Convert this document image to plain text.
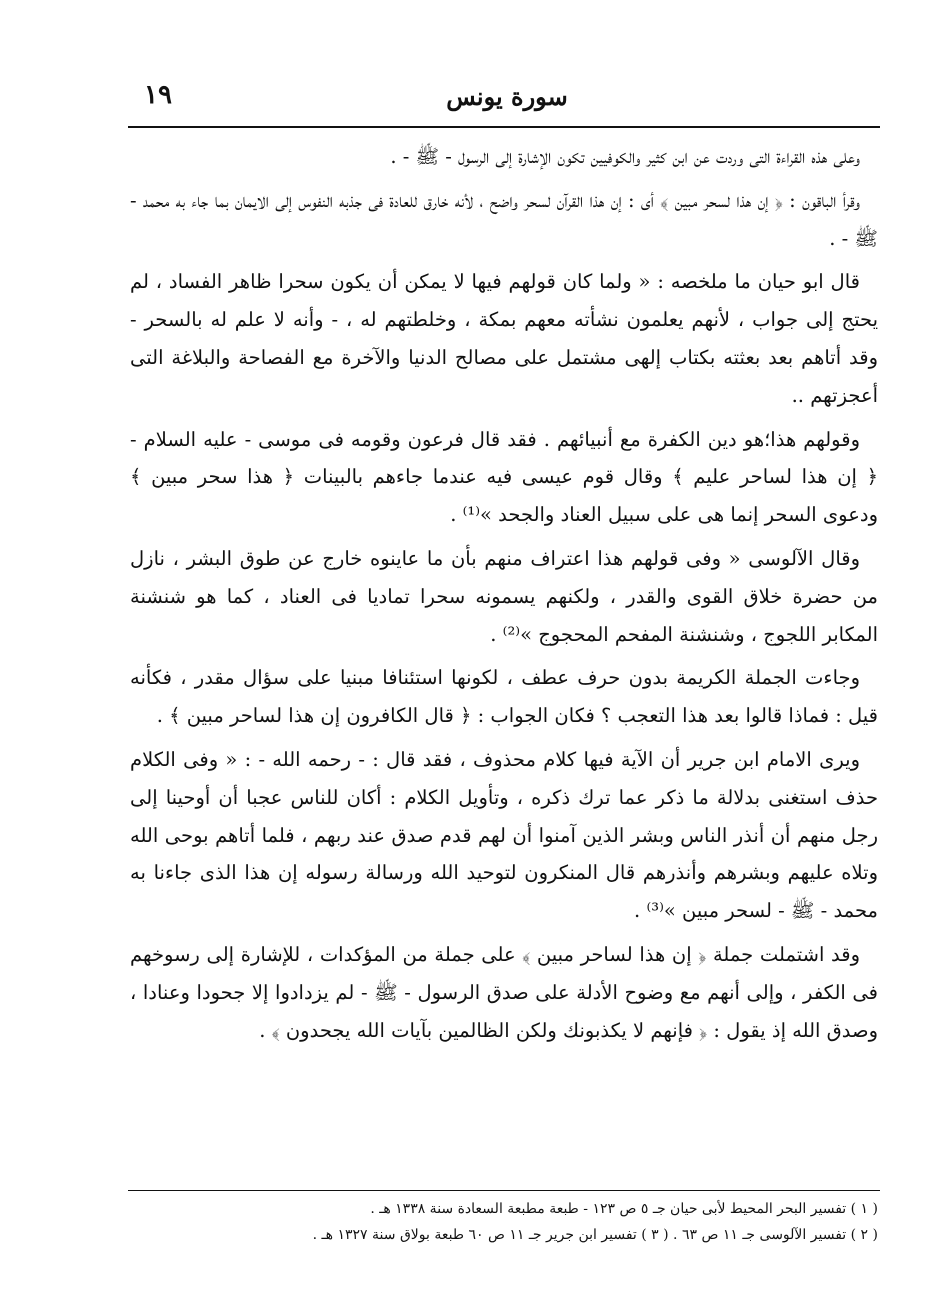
١٩	سورة يونس

وعلى هذه القراءة التى وردت عن ابن كثير والكوفيين تكون الإشارة إلى الرسول - ﷺ - .

وقرأ الباقون : ﴿ إن هذا لسحر مبين ﴾ أى : إن هذا القرآن لسحر واضح ، لأنه خارق للعادة فى جذبه النفوس إلى الايمان بما جاء به محمد - ﷺ - .

قال ابو حيان ما ملخصه : « ولما كان قولهم فيها لا يمكن أن يكون سحرا ظاهر الفساد ، لم يحتج إلى جواب ، لأنهم يعلمون نشأته معهم بمكة ، وخلطتهم له ، - وأنه لا علم له بالسحر - وقد أتاهم بعد بعثته بكتاب إلهى مشتمل على مصالح الدنيا والآخرة مع الفصاحة والبلاغة التى أعجزتهم ..

وقولهم هذا؛هو دين الكفرة مع أنبيائهم . فقد قال فرعون وقومه فى موسى - عليه السلام - ﴿ إن هذا لساحر عليم ﴾ وقال قوم عيسى فيه عندما جاءهم بالبينات ﴿ هذا سحر مبين ﴾ ودعوى السحر إنما هى على سبيل العناد والجحد »⁽¹⁾ .

وقال الآلوسى « وفى قولهم هذا اعتراف منهم بأن ما عاينوه خارج عن طوق البشر ، نازل من حضرة خلاق القوى والقدر ، ولكنهم يسمونه سحرا تماديا فى العناد ، كما هو شنشنة المكابر اللجوج ، وشنشنة المفحم المحجوج »⁽²⁾ .

وجاءت الجملة الكريمة بدون حرف عطف ، لكونها استئنافا مبنيا على سؤال مقدر ، فكأنه قيل : فماذا قالوا بعد هذا التعجب ؟ فكان الجواب : ﴿ قال الكافرون إن هذا لساحر مبين ﴾ .

ويرى الامام ابن جرير أن الآية فيها كلام محذوف ، فقد قال : - رحمه الله - : « وفى الكلام حذف استغنى بدلالة ما ذكر عما ترك ذكره ، وتأويل الكلام : أكان للناس عجبا أن أوحينا إلى رجل منهم أن أنذر الناس وبشر الذين آمنوا أن لهم قدم صدق عند ربهم ، فلما أتاهم بوحى الله وتلاه عليهم وبشرهم وأنذرهم قال المنكرون لتوحيد الله ورسالة رسوله إن هذا الذى جاءنا به محمد - ﷺ - لسحر مبين »⁽³⁾ .

وقد اشتملت جملة ﴿ إن هذا لساحر مبين ﴾ على جملة من المؤكدات ، للإشارة إلى رسوخهم فى الكفر ، وإلى أنهم مع وضوح الأدلة على صدق الرسول - ﷺ - لم يزدادوا إلا جحودا وعنادا ، وصدق الله إذ يقول : ﴿ فإنهم لا يكذبونك ولكن الظالمين بآيات الله يجحدون ﴾ .

( ١ ) تفسير البحر المحيط لأبى حيان جـ ٥ ص ١٢٣ - طبعة مطبعة السعادة سنة ١٣٣٨ هـ .
( ٢ ) تفسير الآلوسى جـ ١١ ص ٦٣ . ( ٣ ) تفسير ابن جرير جـ ١١ ص ٦٠ طبعة بولاق سنة ١٣٢٧ هـ .
